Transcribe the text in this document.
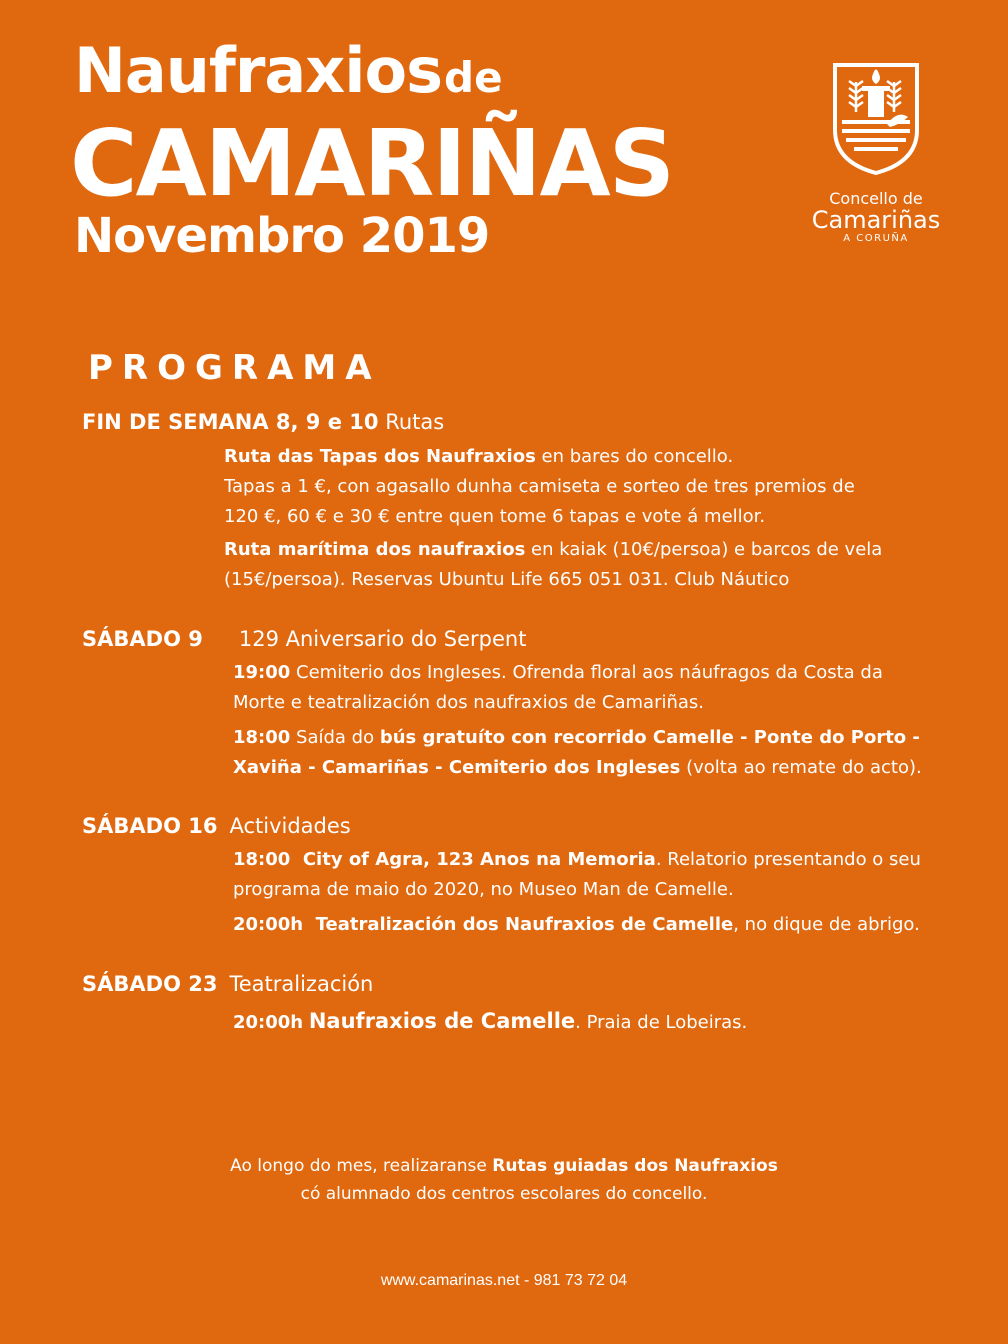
Naufraxiosde
CAMARIÑAS
Novembro 2019
Concello de
Camariñas
A CORUÑA
PROGRAMA
FIN DE SEMANA 8, 9 e 10 Rutas
Ruta das Tapas dos Naufraxios en bares do concello.
Tapas a 1 €, con agasallo dunha camiseta e sorteo de tres premios de
120 €, 60 € e 30 € entre quen tome 6 tapas e vote á mellor.
Ruta marítima dos naufraxios en kaiak (10€/persoa) e barcos de vela
(15€/persoa). Reservas Ubuntu Life 665 051 031. Club Náutico
SÁBADO 9 129 Aniversario do Serpent
19:00 Cemiterio dos Ingleses. Ofrenda floral aos náufragos da Costa da
Morte e teatralización dos naufraxios de Camariñas.
18:00 Saída do bús gratuíto con recorrido Camelle - Ponte do Porto -
Xaviña - Camariñas - Cemiterio dos Ingleses (volta ao remate do acto).
SÁBADO 16 Actividades
18:00  City of Agra, 123 Anos na Memoria. Relatorio presentando o seu
programa de maio do 2020, no Museo Man de Camelle.
20:00h  Teatralización dos Naufraxios de Camelle, no dique de abrigo.
SÁBADO 23 Teatralización
20:00h Naufraxios de Camelle. Praia de Lobeiras.
Ao longo do mes, realizaranse Rutas guiadas dos Naufraxios
có alumnado dos centros escolares do concello.
www.camarinas.net - 981 73 72 04
